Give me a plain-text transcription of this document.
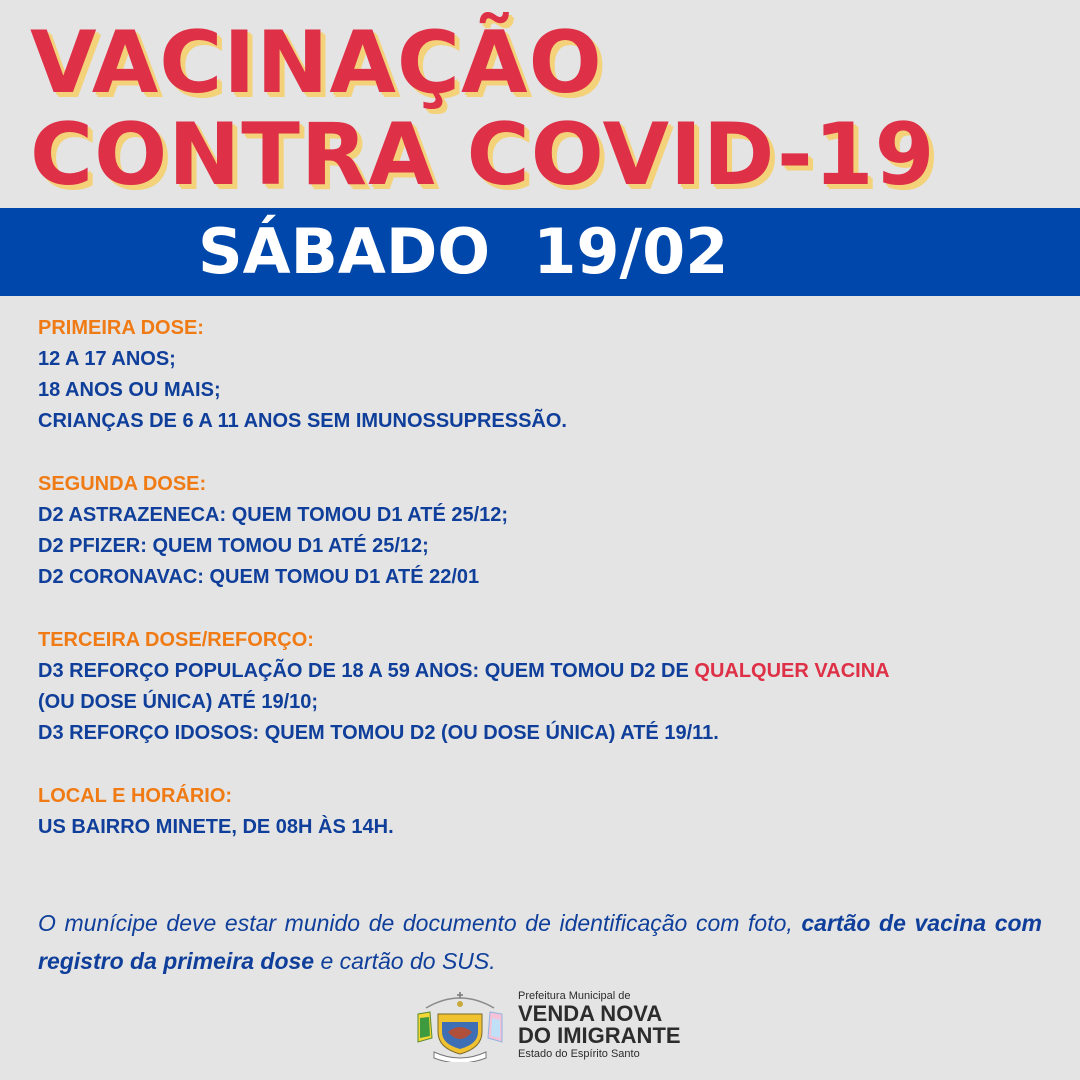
VACINAÇÃO
CONTRA COVID-19
SÁBADO  19/02
PRIMEIRA DOSE:
12 A 17 ANOS;
18 ANOS OU MAIS;
CRIANÇAS DE 6 A 11 ANOS SEM IMUNOSSUPRESSÃO.
SEGUNDA DOSE:
D2 ASTRAZENECA: QUEM TOMOU D1 ATÉ 25/12;
D2 PFIZER: QUEM TOMOU D1 ATÉ 25/12;
D2 CORONAVAC: QUEM TOMOU D1 ATÉ 22/01
TERCEIRA DOSE/REFORÇO:
D3 REFORÇO POPULAÇÃO DE 18 A 59 ANOS: QUEM TOMOU D2 DE QUALQUER VACINA
(OU DOSE ÚNICA) ATÉ 19/10;
D3 REFORÇO IDOSOS: QUEM TOMOU D2 (OU DOSE ÚNICA) ATÉ 19/11.
LOCAL E HORÁRIO:
US BAIRRO MINETE, DE 08H ÀS 14H.
O munícipe deve estar munido de documento de identificação com foto, cartão de vacina com registro da primeira dose e cartão do SUS.
Prefeitura Municipal de
VENDA NOVA
DO IMIGRANTE
Estado do Espírito Santo
